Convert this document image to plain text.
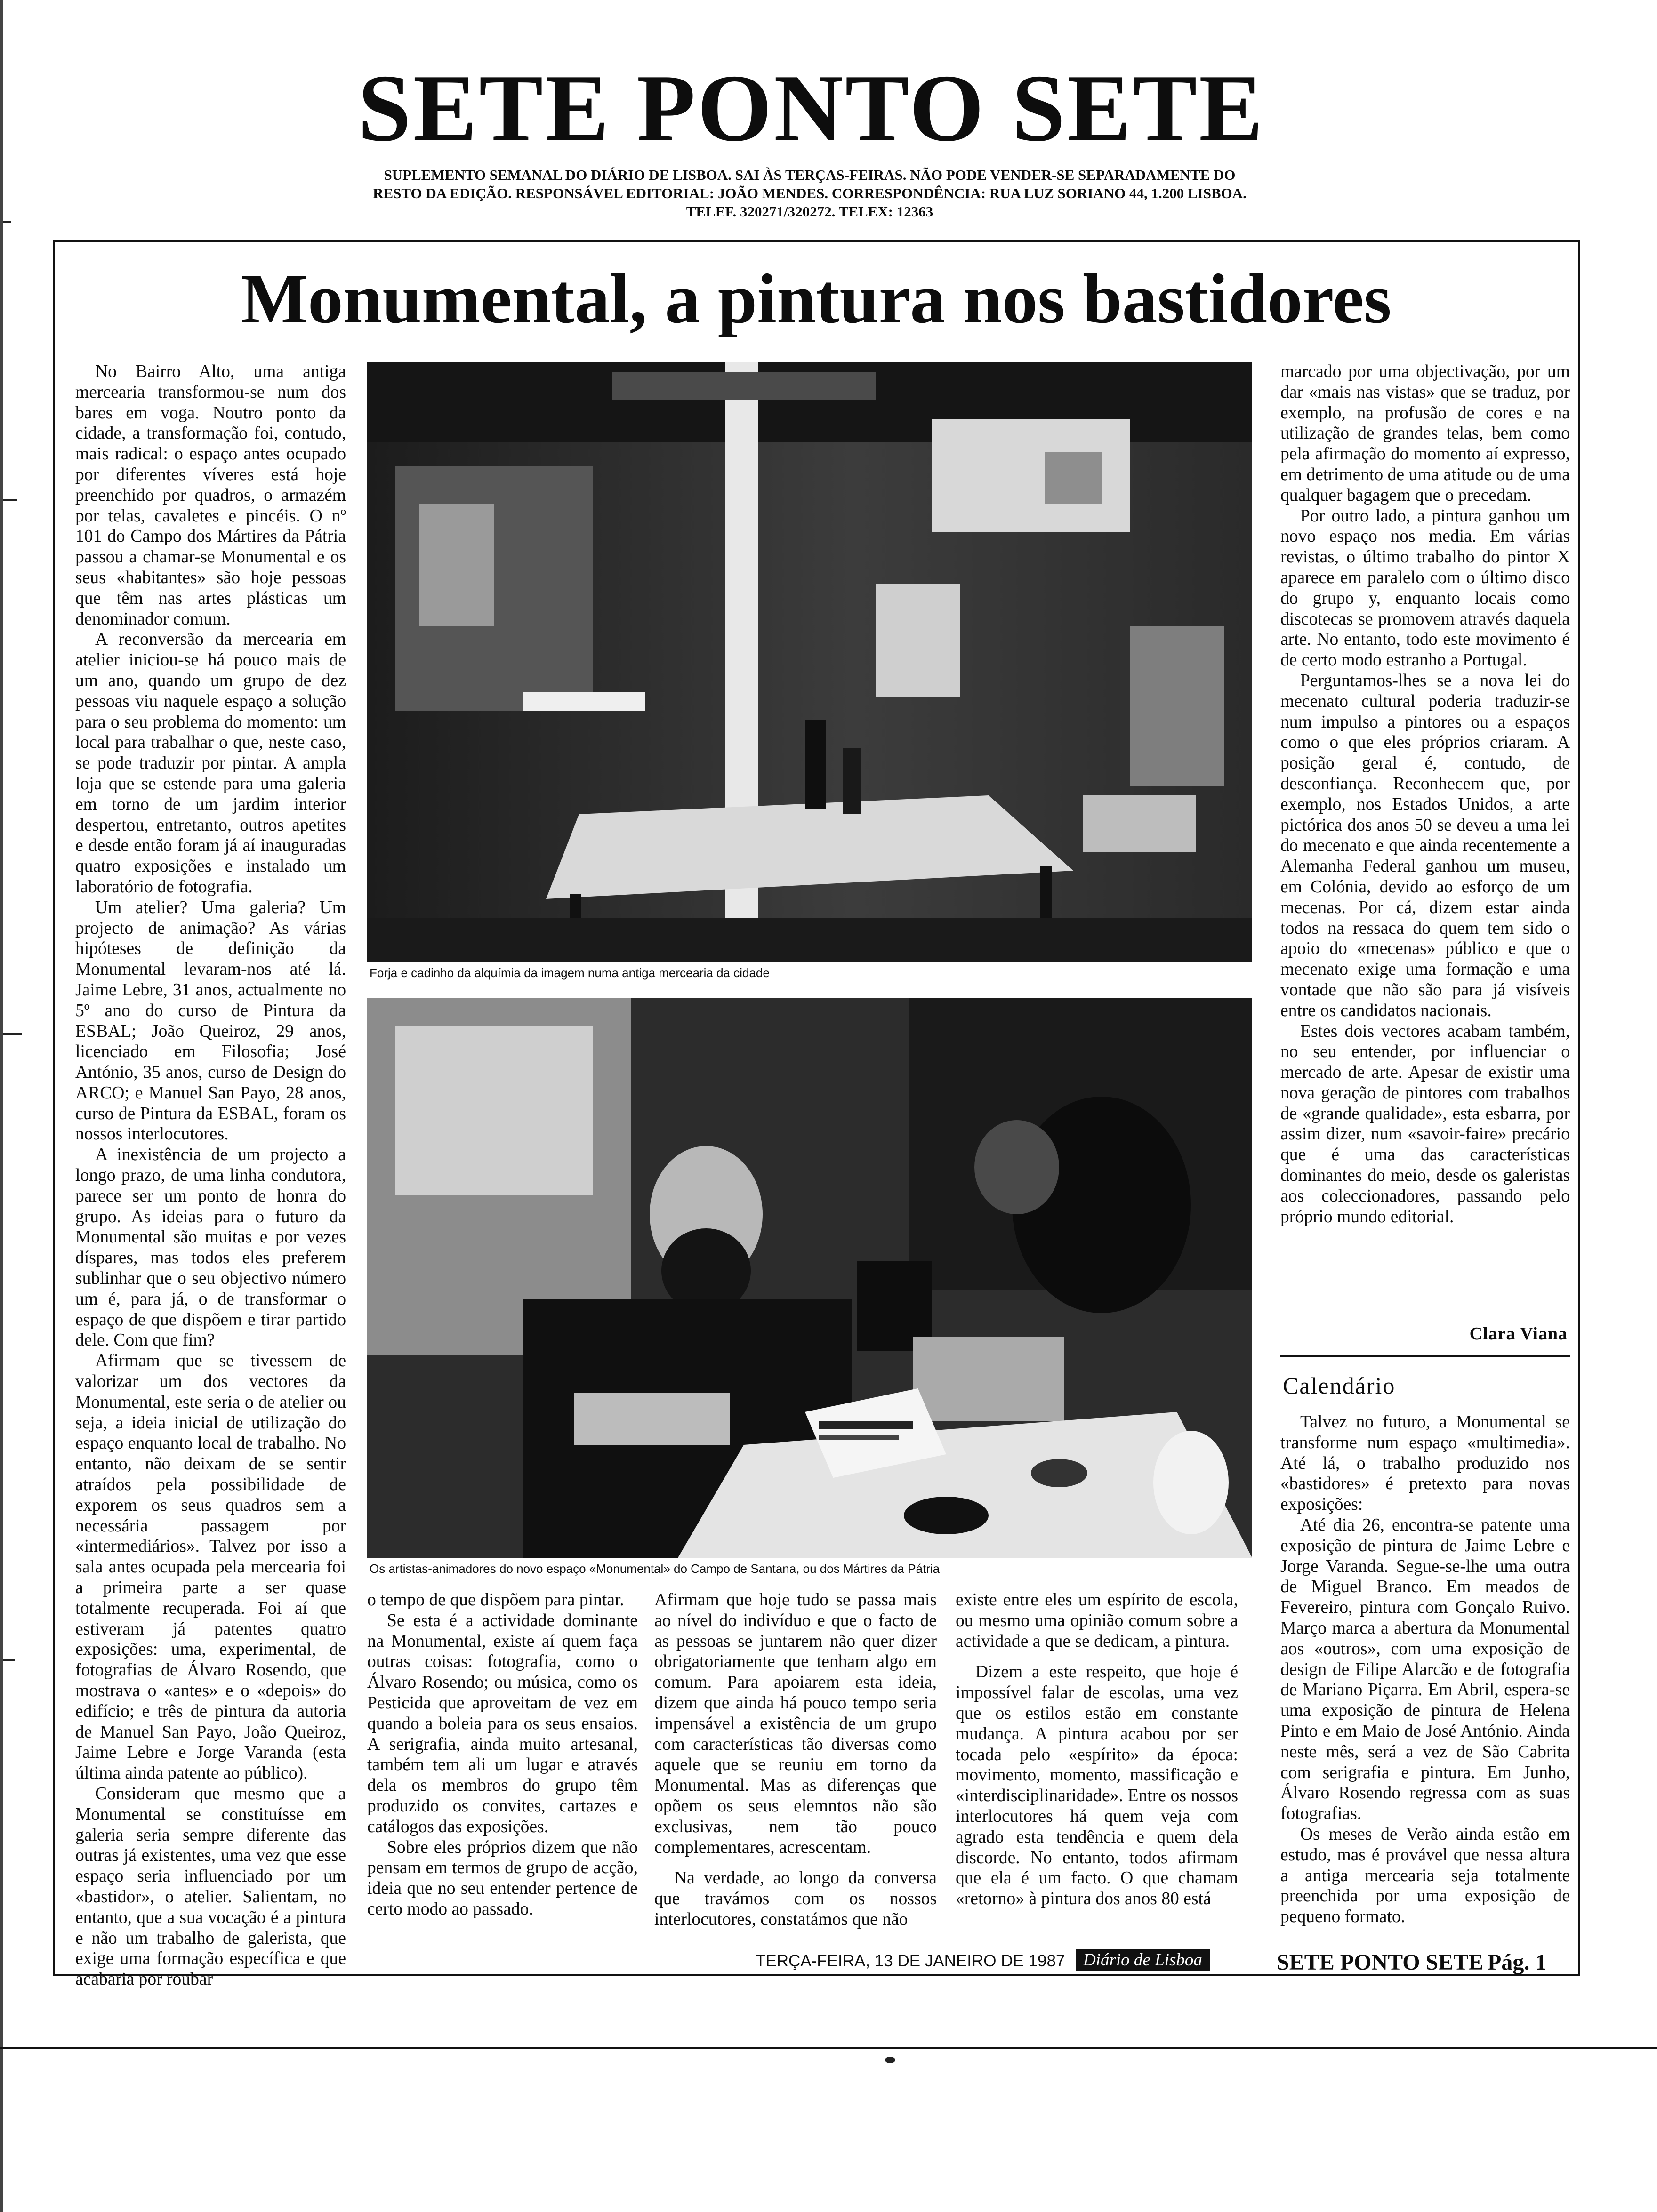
SETE PONTO SETE
SUPLEMENTO SEMANAL DO DIÁRIO DE LISBOA. SAI ÀS TERÇAS-FEIRAS. NÃO PODE VENDER-SE SEPARADAMENTE DO RESTO DA EDIÇÃO. RESPONSÁVEL EDITORIAL: JOÃO MENDES. CORRESPONDÊNCIA: RUA LUZ SORIANO 44, 1.200 LISBOA. TELEF. 320271/320272. TELEX: 12363
Monumental, a pintura nos bastidores

No Bairro Alto, uma antiga mercearia transformou-se num dos bares em voga. Noutro ponto da cidade, a transformação foi, contudo, mais radical: o espaço antes ocupado por diferentes víveres está hoje preenchido por quadros, o armazém por telas, cavaletes e pincéis. O nº 101 do Campo dos Mártires da Pátria passou a chamar-se Monumental e os seus «habitantes» são hoje pessoas que têm nas artes plásticas um denominador comum.

A reconversão da mercearia em atelier iniciou-se há pouco mais de um ano, quando um grupo de dez pessoas viu naquele espaço a solução para o seu problema do momento: um local para trabalhar o que, neste caso, se pode traduzir por pintar. A ampla loja que se estende para uma galeria em torno de um jardim interior despertou, entretanto, outros apetites e desde então foram já aí inauguradas quatro exposições e instalado um laboratório de fotografia.

Um atelier? Uma galeria? Um projecto de animação? As várias hipóteses de definição da Monumental levaram-nos até lá. Jaime Lebre, 31 anos, actualmente no 5º ano do curso de Pintura da ESBAL; João Queiroz, 29 anos, licenciado em Filosofia; José António, 35 anos, curso de Design do ARCO; e Manuel San Payo, 28 anos, curso de Pintura da ESBAL, foram os nossos interlocutores.

A inexistência de um projecto a longo prazo, de uma linha condutora, parece ser um ponto de honra do grupo. As ideias para o futuro da Monumental são muitas e por vezes díspares, mas todos eles preferem sublinhar que o seu objectivo número um é, para já, o de transformar o espaço de que dispõem e tirar partido dele. Com que fim?

Afirmam que se tivessem de valorizar um dos vectores da Monumental, este seria o de atelier ou seja, a ideia inicial de utilização do espaço enquanto local de trabalho. No entanto, não deixam de se sentir atraídos pela possibilidade de exporem os seus quadros sem a necessária passagem por «intermediários». Talvez por isso a sala antes ocupada pela mercearia foi a primeira parte a ser quase totalmente recuperada. Foi aí que estiveram já patentes quatro exposições: uma, experimental, de fotografias de Álvaro Rosendo, que mostrava o «antes» e o «depois» do edifício; e três de pintura da autoria de Manuel San Payo, João Queiroz, Jaime Lebre e Jorge Varanda (esta última ainda patente ao público).

Consideram que mesmo que a Monumental se constituísse em galeria seria sempre diferente das outras já existentes, uma vez que esse espaço seria influenciado por um «bastidor», o atelier. Salientam, no entanto, que a sua vocação é a pintura e não um trabalho de galerista, que exige uma formação específica e que acabaria por roubar

Forja e cadinho da alquímia da imagem numa antiga mercearia da cidade
Os artistas-animadores do novo espaço «Monumental» do Campo de Santana, ou dos Mártires da Pátria

o tempo de que dispõem para pintar.

Se esta é a actividade dominante na Monumental, existe aí quem faça outras coisas: fotografia, como o Álvaro Rosendo; ou música, como os Pesticida que aproveitam de vez em quando a boleia para os seus ensaios. A serigrafia, ainda muito artesanal, também tem ali um lugar e através dela os membros do grupo têm produzido os convites, cartazes e catálogos das exposições.

Sobre eles próprios dizem que não pensam em termos de grupo de acção, ideia que no seu entender pertence de certo modo ao passado.

Afirmam que hoje tudo se passa mais ao nível do indivíduo e que o facto de as pessoas se juntarem não quer dizer obrigatoriamente que tenham algo em comum. Para apoiarem esta ideia, dizem que ainda há pouco tempo seria impensável a existência de um grupo com características tão diversas como aquele que se reuniu em torno da Monumental. Mas as diferenças que opõem os seus elemntos não são exclusivas, nem tão pouco complementares, acrescentam.

Na verdade, ao longo da conversa que travámos com os nossos interlocutores, constatámos que não

existe entre eles um espírito de escola, ou mesmo uma opinião comum sobre a actividade a que se dedicam, a pintura.

Dizem a este respeito, que hoje é impossível falar de escolas, uma vez que os estilos estão em constante mudança. A pintura acabou por ser tocada pelo «espírito» da época: movimento, momento, massificação e «interdisciplinaridade». Entre os nossos interlocutores há quem veja com agrado esta tendência e quem dela discorde. No entanto, todos afirmam que ela é um facto. O que chamam «retorno» à pintura dos anos 80 está

marcado por uma objectivação, por um dar «mais nas vistas» que se traduz, por exemplo, na profusão de cores e na utilização de grandes telas, bem como pela afirmação do momento aí expresso, em detrimento de uma atitude ou de uma qualquer bagagem que o precedam.

Por outro lado, a pintura ganhou um novo espaço nos media. Em várias revistas, o último trabalho do pintor X aparece em paralelo com o último disco do grupo y, enquanto locais como discotecas se promovem através daquela arte. No entanto, todo este movimento é de certo modo estranho a Portugal.

Perguntamos-lhes se a nova lei do mecenato cultural poderia traduzir-se num impulso a pintores ou a espaços como o que eles próprios criaram. A posição geral é, contudo, de desconfiança. Reconhecem que, por exemplo, nos Estados Unidos, a arte pictórica dos anos 50 se deveu a uma lei do mecenato e que ainda recentemente a Alemanha Federal ganhou um museu, em Colónia, devido ao esforço de um mecenas. Por cá, dizem estar ainda todos na ressaca do quem tem sido o apoio do «mecenas» público e que o mecenato exige uma formação e uma vontade que não são para já visíveis entre os candidatos nacionais.

Estes dois vectores acabam também, no seu entender, por influenciar o mercado de arte. Apesar de existir uma nova geração de pintores com trabalhos de «grande qualidade», esta esbarra, por assim dizer, num «savoir-faire» precário que é uma das características dominantes do meio, desde os galeristas aos coleccionadores, passando pelo próprio mundo editorial.

Clara Viana
Calendário

Talvez no futuro, a Monumental se transforme num espaço «multimedia». Até lá, o trabalho produzido nos «bastidores» é pretexto para novas exposições:

Até dia 26, encontra-se patente uma exposição de pintura de Jaime Lebre e Jorge Varanda. Segue-se-lhe uma outra de Miguel Branco. Em meados de Fevereiro, pintura com Gonçalo Ruivo. Março marca a abertura da Monumental aos «outros», com uma exposição de design de Filipe Alarcão e de fotografia de Mariano Piçarra. Em Abril, espera-se uma exposição de pintura de Helena Pinto e em Maio de José António. Ainda neste mês, será a vez de São Cabrita com serigrafia e pintura. Em Junho, Álvaro Rosendo regressa com as suas fotografias.

Os meses de Verão ainda estão em estudo, mas é provável que nessa altura a antiga mercearia seja totalmente preenchida por uma exposição de pequeno formato.

TERÇA-FEIRA, 13 DE JANEIRO DE 1987	Diário de Lisboa	SETE PONTO SETE Pág. 1
